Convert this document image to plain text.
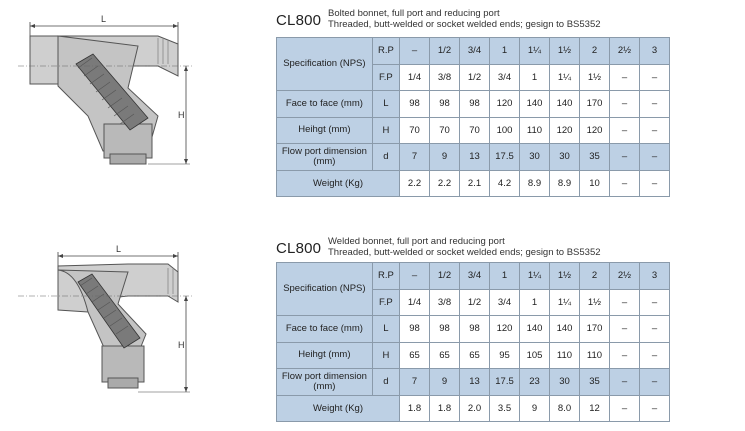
L
H
CL800 Bolted bonnet, full port and reducing port
Threaded, butt-welded or socket welded ends; gesign to BS5352
Specification (NPS)	R.P	–	1/2	3/4	1	1¼	1½	2	2½	3
	F.P	1/4	3/8	1/2	3/4	1	1¼	1½	–	–
Face to face (mm)	L	98	98	98	120	140	140	170	–	–
Heihgt (mm)	H	70	70	70	100	110	120	120	–	–
Flow port dimension (mm)	d	7	9	13	17.5	30	30	35	–	–
Weight (Kg)		2.2	2.2	2.1	4.2	8.9	8.9	10	–	–
L
H
CL800 Welded bonnet, full port and reducing port
Threaded, butt-welded or socket welded ends; gesign to BS5352
Specification (NPS)	R.P	–	1/2	3/4	1	1¼	1½	2	2½	3
	F.P	1/4	3/8	1/2	3/4	1	1¼	1½	–	–
Face to face (mm)	L	98	98	98	120	140	140	170	–	–
Heihgt (mm)	H	65	65	65	95	105	110	110	–	–
Flow port dimension (mm)	d	7	9	13	17.5	23	30	35	–	–
Weight (Kg)		1.8	1.8	2.0	3.5	9	8.0	12	–	–
